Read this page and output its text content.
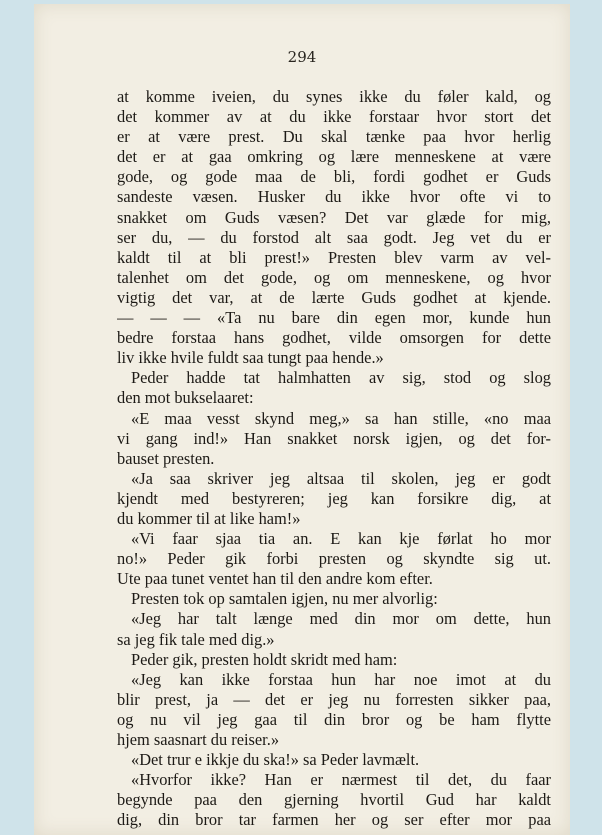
294
at komme iveien, du synes ikke du føler kald, og
det kommer av at du ikke forstaar hvor stort det
er at være prest. Du skal tænke paa hvor herlig
det er at gaa omkring og lære menneskene at være
gode, og gode maa de bli, fordi godhet er Guds
sandeste væsen. Husker du ikke hvor ofte vi to
snakket om Guds væsen? Det var glæde for mig,
ser du, — du forstod alt saa godt. Jeg vet du er
kaldt til at bli prest!» Presten blev varm av vel-
talenhet om det gode, og om menneskene, og hvor
vigtig det var, at de lærte Guds godhet at kjende.
— — — «Ta nu bare din egen mor, kunde hun
bedre forstaa hans godhet, vilde omsorgen for dette
liv ikke hvile fuldt saa tungt paa hende.»
Peder hadde tat halmhatten av sig, stod og slog
den mot bukselaaret:
«E maa vesst skynd meg,» sa han stille, «no maa
vi gang ind!» Han snakket norsk igjen, og det for-
bauset presten.
«Ja saa skriver jeg altsaa til skolen, jeg er godt
kjendt med bestyreren; jeg kan forsikre dig, at
du kommer til at like ham!»
«Vi faar sjaa tia an. E kan kje førlat ho mor
no!» Peder gik forbi presten og skyndte sig ut.
Ute paa tunet ventet han til den andre kom efter.
Presten tok op samtalen igjen, nu mer alvorlig:
«Jeg har talt længe med din mor om dette, hun
sa jeg fik tale med dig.»
Peder gik, presten holdt skridt med ham:
«Jeg kan ikke forstaa hun har noe imot at du
blir prest, ja — det er jeg nu forresten sikker paa,
og nu vil jeg gaa til din bror og be ham flytte
hjem saasnart du reiser.»
«Det trur e ikkje du ska!» sa Peder lavmælt.
«Hvorfor ikke? Han er nærmest til det, du faar
begynde paa den gjerning hvortil Gud har kaldt
dig, din bror tar farmen her og ser efter mor paa
